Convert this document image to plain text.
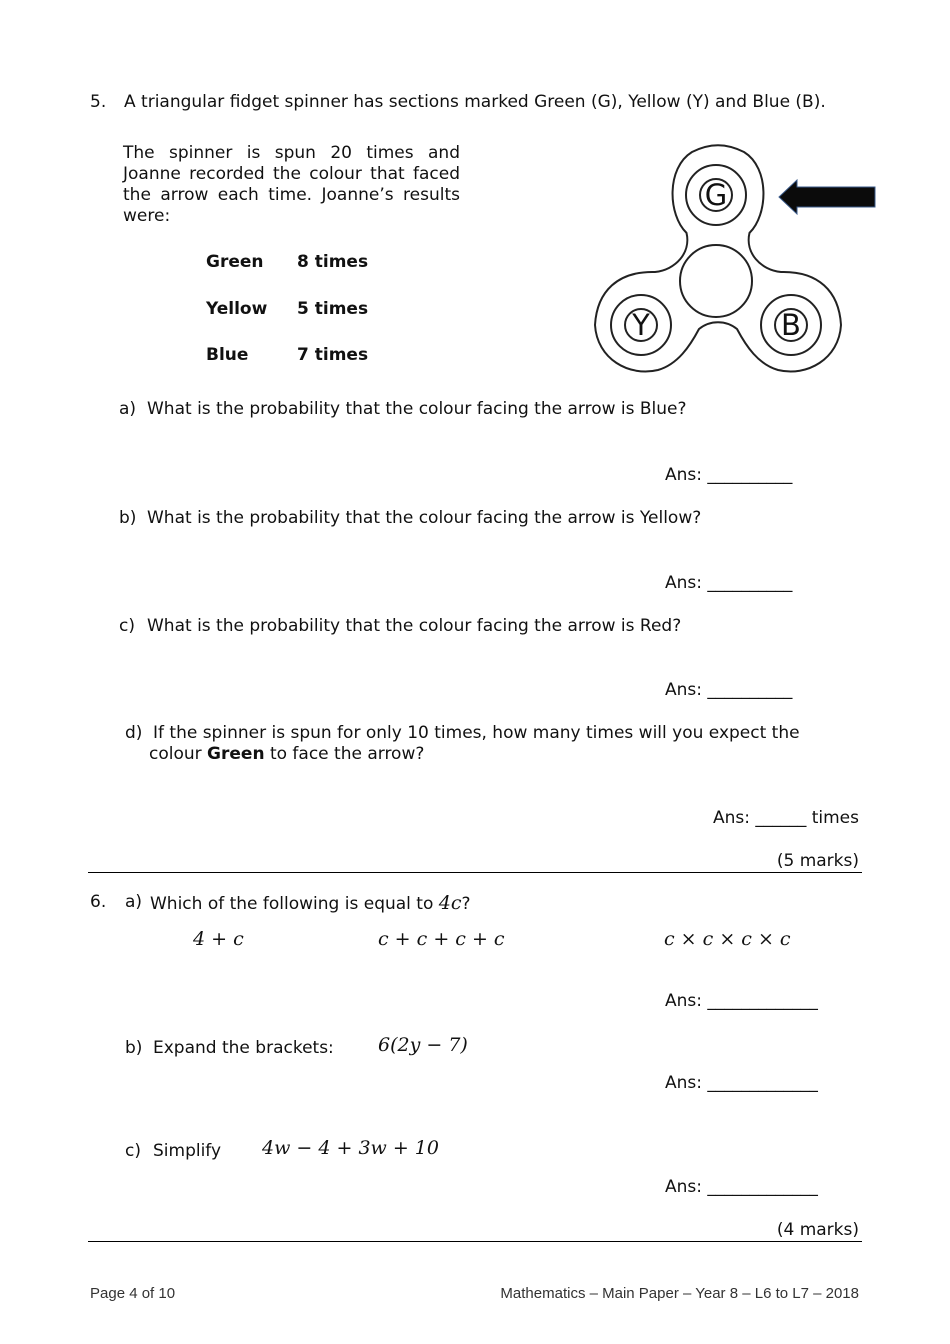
5. A triangular fidget spinner has sections marked Green (G), Yellow (Y) and Blue (B).
The spinner is spun 20 times and Joanne recorded the colour that faced the arrow each time. Joanne’s results were:
Green 8 times
Yellow 5 times
Blue	7 times
G
Y	B
a) What is the probability that the colour facing the arrow is Blue?
Ans: __________
b) What is the probability that the colour facing the arrow is Yellow?
Ans: __________
c) What is the probability that the colour facing the arrow is Red?
Ans: __________
d) If the spinner is spun for only 10 times, how many times will you expect the
colour Green to face the arrow?
Ans: ______ times
(5 marks)
6. a) Which of the following is equal to 4c?
4 + c	c + c + c + c	c × c × c × c
Ans: _____________
b) Expand the brackets: 6(2y − 7)
Ans: _____________
c) Simplify 4w − 4 + 3w + 10
Ans: _____________
(4 marks)
Page 4 of 10	Mathematics – Main Paper – Year 8 – L6 to L7 – 2018
